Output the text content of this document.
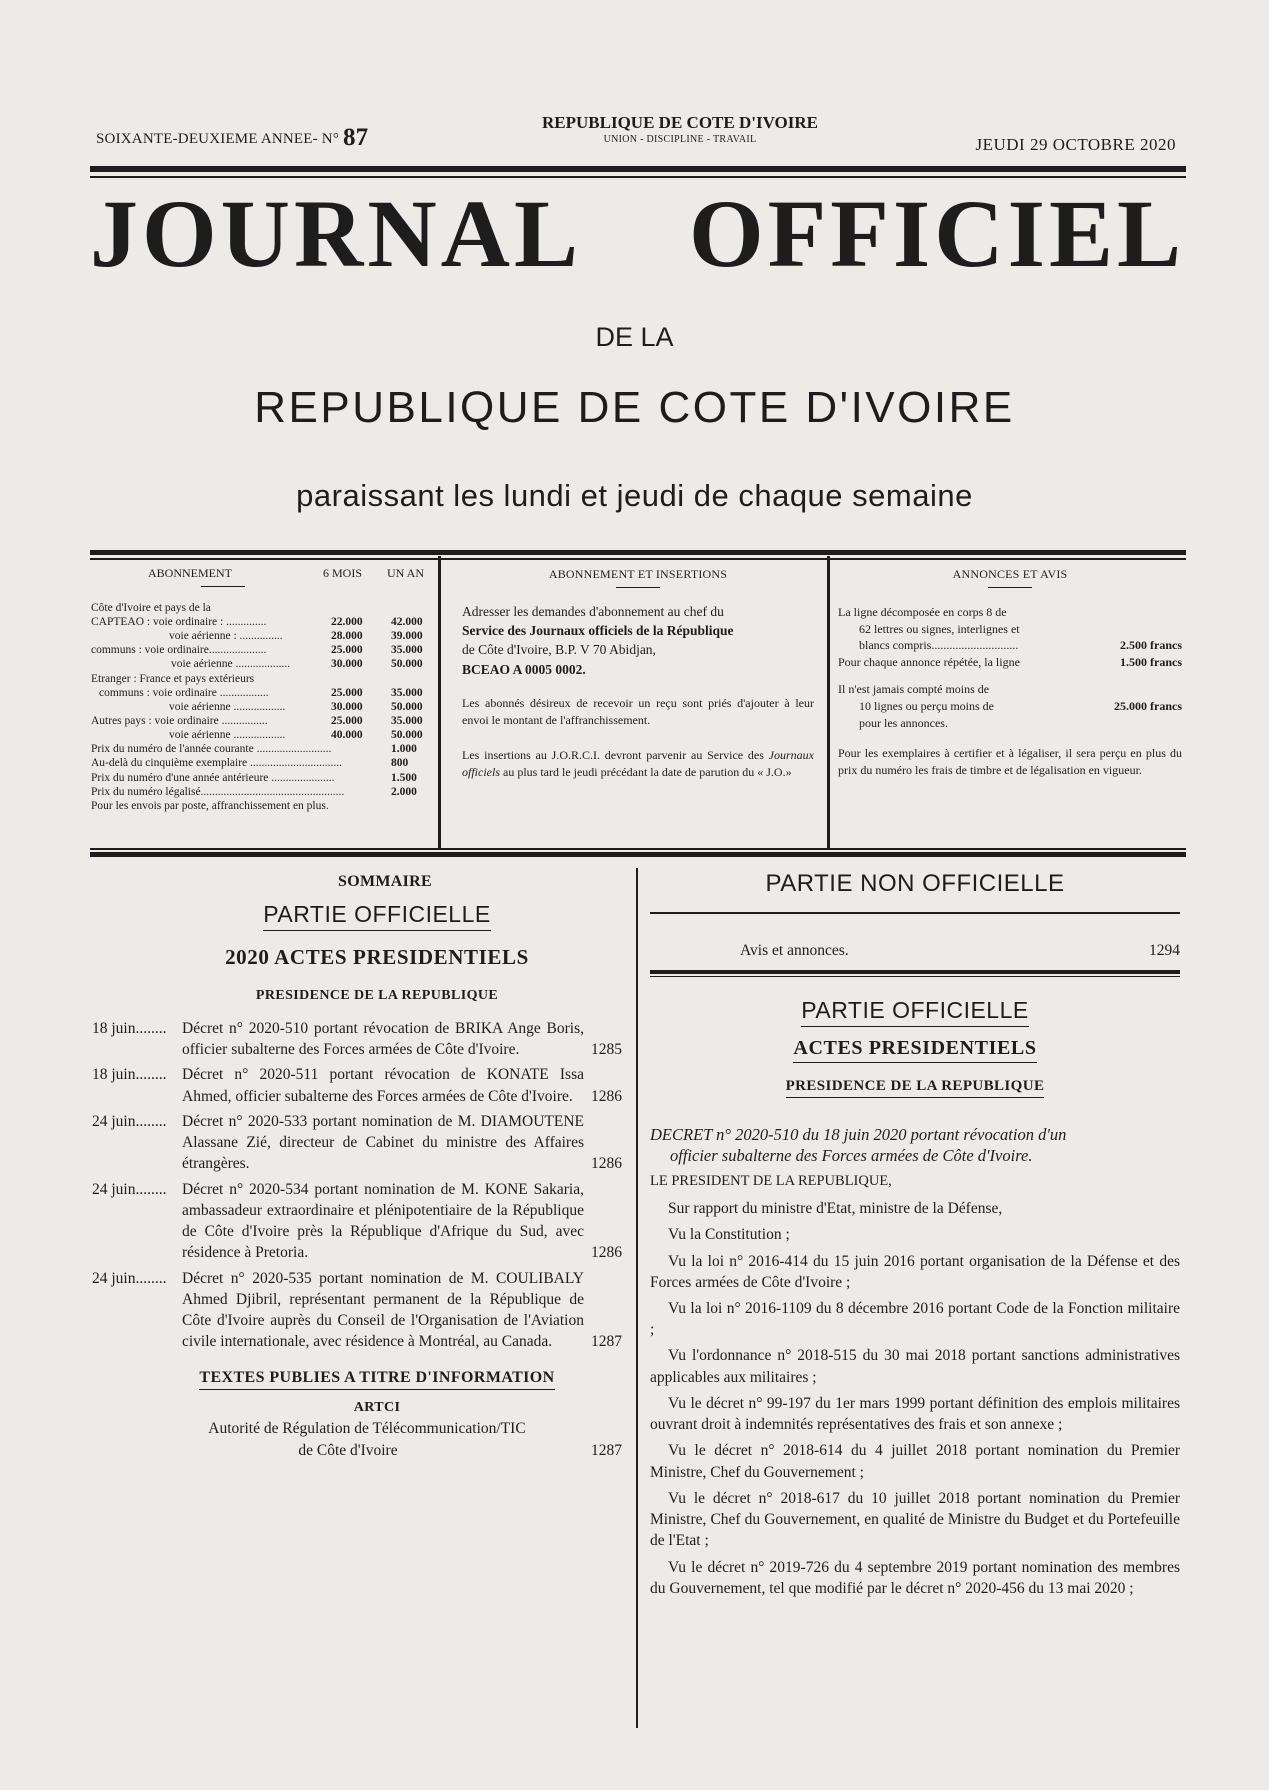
SOIXANTE-DEUXIEME ANNEE- N° 87
REPUBLIQUE DE COTE D'IVOIRE
UNION - DISCIPLINE - TRAVAIL	JEUDI 29 OCTOBRE 2020
JOURNAL OFFICIEL
DE LA
REPUBLIQUE DE COTE D'IVOIRE
paraissant les lundi et jeudi de chaque semaine
ABONNEMENT	6 MOIS	UN AN
Côte d'Ivoire et pays de la		
CAPTEAO : voie ordinaire : ..............	22.000	42.000
voie aérienne : ...............	28.000	39.000
communs : voie ordinaire....................	25.000	35.000
voie aérienne ...................	30.000	50.000
Etranger : France et pays extérieurs		
communs : voie ordinaire .................	25.000	35.000
voie aérienne ..................	30.000	50.000
Autres pays : voie ordinaire ................	25.000	35.000
voie aérienne ..................	40.000	50.000
Prix du numéro de l'année courante ..........................	1.000
Au-delà du cinquième exemplaire ................................	800
Prix du numéro d'une année antérieure ......................	1.500
Prix du numéro légalisé..................................................	2.000
Pour les envois par poste, affranchissement en plus.
ABONNEMENT ET INSERTIONS

Adresser les demandes d'abonnement au chef du
Service des Journaux officiels de la République
de Côte d'Ivoire, B.P. V 70 Abidjan,
BCEAO A 0005 0002.

Les abonnés désireux de recevoir un reçu sont priés d'ajouter à leur envoi le montant de l'affranchissement.

Les insertions au J.O.R.C.I. devront parvenir au Service des Journaux officiels au plus tard le jeudi précédant la date de parution du « J.O.»

ANNONCES ET AVIS
La ligne décomposée en corps 8 de
62 lettres ou signes, interlignes et
blancs compris.............................	2.500 francs
Pour chaque annonce répétée, la ligne	1.500 francs
Il n'est jamais compté moins de
10 lignes ou perçu moins de	25.000 francs
pour les annonces.

Pour les exemplaires à certifier et à légaliser, il sera perçu en plus du prix du numéro les frais de timbre et de légalisation en vigueur.

SOMMAIRE
PARTIE OFFICIELLE
2020 ACTES PRESIDENTIELS
PRESIDENCE DE LA REPUBLIQUE
18 juin........	Décret n° 2020-510 portant révocation de BRIKA Ange Boris, officier subalterne des Forces armées de Côte d'Ivoire.	1285
18 juin........	Décret n° 2020-511 portant révocation de KONATE Issa Ahmed, officier subalterne des Forces armées de Côte d'Ivoire.	1286
24 juin........	Décret n° 2020-533 portant nomination de M. DIAMOUTENE Alassane Zié, directeur de Cabinet du ministre des Affaires étrangères.	1286
24 juin........	Décret n° 2020-534 portant nomination de M. KONE Sakaria, ambassadeur extraordinaire et plénipotentiaire de la République de Côte d'Ivoire près la République d'Afrique du Sud, avec résidence à Pretoria.	1286
24 juin........	Décret n° 2020-535 portant nomination de M. COULIBALY Ahmed Djibril, représentant permanent de la République de Côte d'Ivoire auprès du Conseil de l'Organisation de l'Aviation civile internationale, avec résidence à Montréal, au Canada.	1287
TEXTES PUBLIES A TITRE D'INFORMATION
ARTCI
Autorité de Régulation de Télécommunication/TIC
de Côte d'Ivoire	1287
PARTIE NON OFFICIELLE
Avis et annonces.	1294
PARTIE OFFICIELLE
ACTES PRESIDENTIELS
PRESIDENCE DE LA REPUBLIQUE
DECRET n° 2020-510 du 18 juin 2020 portant révocation d'un
officier subalterne des Forces armées de Côte d'Ivoire.
LE PRESIDENT DE LA REPUBLIQUE,

Sur rapport du ministre d'Etat, ministre de la Défense,

Vu la Constitution ;

Vu la loi n° 2016-414 du 15 juin 2016 portant organisation de la Défense et des Forces armées de Côte d'Ivoire ;

Vu la loi n° 2016-1109 du 8 décembre 2016 portant Code de la Fonction militaire ;

Vu l'ordonnance n° 2018-515 du 30 mai 2018 portant sanctions administratives applicables aux militaires ;

Vu le décret n° 99-197 du 1er mars 1999 portant définition des emplois militaires ouvrant droit à indemnités représentatives des frais et son annexe ;

Vu le décret n° 2018-614 du 4 juillet 2018 portant nomination du Premier Ministre, Chef du Gouvernement ;

Vu le décret n° 2018-617 du 10 juillet 2018 portant nomination du Premier Ministre, Chef du Gouvernement, en qualité de Ministre du Budget et du Portefeuille de l'Etat ;

Vu le décret n° 2019-726 du 4 septembre 2019 portant nomination des membres du Gouvernement, tel que modifié par le décret n° 2020-456 du 13 mai 2020 ;
